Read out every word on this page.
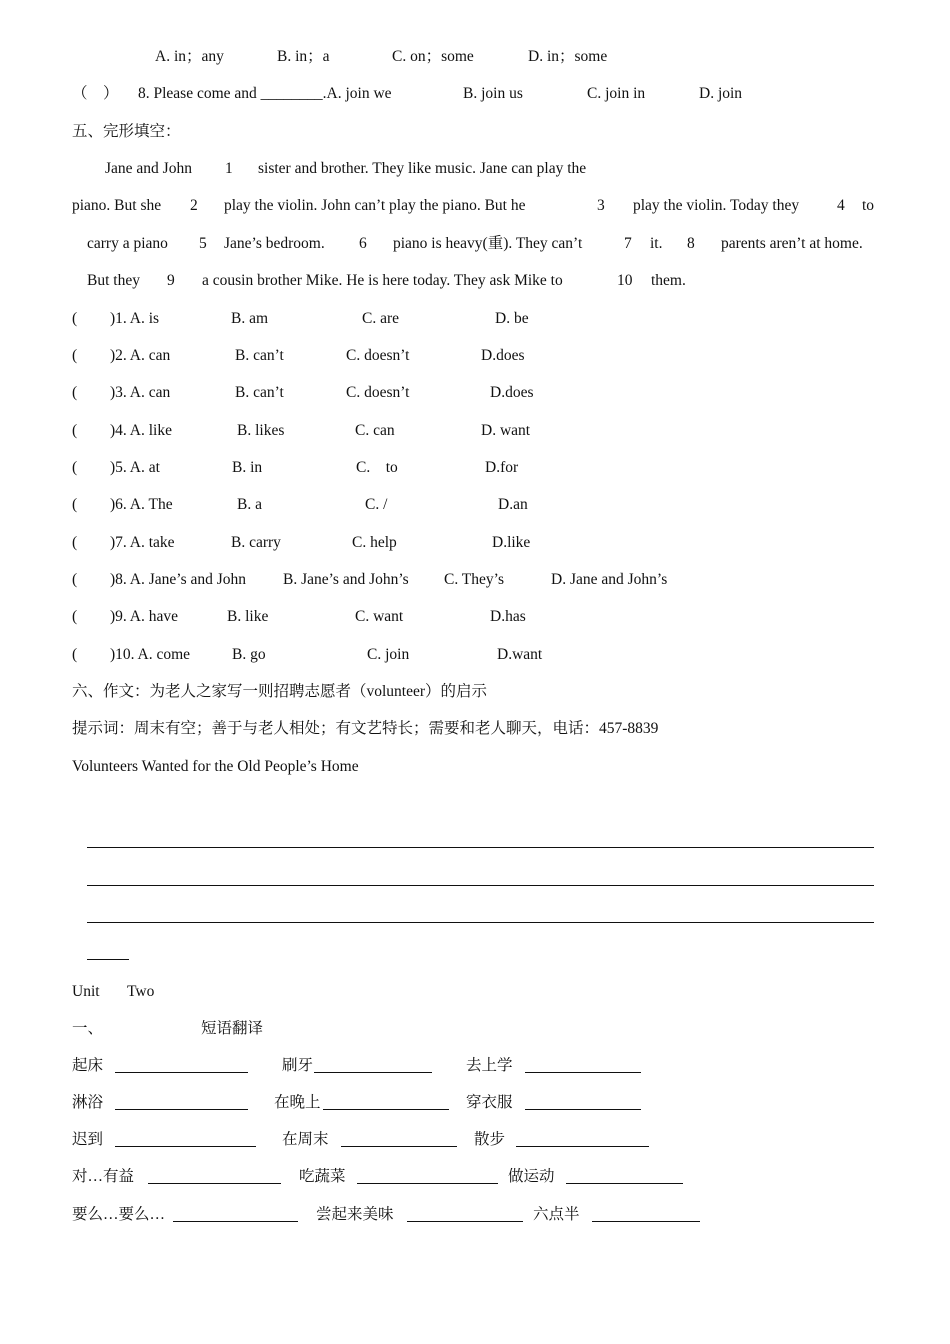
A. in；any	B. in；a	C. on；some	D. in；some
（　） 8. Please come and ________.A. join we	B. join us	C. join in	D. join
五、完形填空：
Jane and John 1 sister and brother. They like music. Jane can play the
piano. But she 2 play the violin. John can’t play the piano. But he	3 play the violin. Today they 4 to
carry a piano 5 Jane’s bedroom. 6 piano is heavy(重). They can’t	7 it. 8 parents aren’t at home.
But they 9 a cousin brother Mike. He is here today. They ask Mike to	10 them.
( )1. A. is	B. am	C. are	D. be
( )2. A. can	B. can’t	C. doesn’t	D.does
( )3. A. can	B. can’t	C. doesn’t	D.does
( )4. A. like	B. likes	C. can	D. want
( )5. A. at	B. in	C.　to	D.for
( )6. A. The	B. a	C. /	D.an
( )7. A. take	B. carry	C. help	D.like
( )8. A. Jane’s and John B. Jane’s and John’s C. They’s	D. Jane and John’s
( )9. A. have	B. like	C. want	D.has
( )10. A. come	B. go	C. join	D.want
六、作文：为老人之家写一则招聘志愿者（volunteer）的启示
提示词：周末有空；善于与老人相处；有文艺特长；需要和老人聊天，电话：457-8839
Volunteers Wanted for the Old People’s Home
Unit Two
一、	短语翻译
起床	刷牙	去上学
淋浴	在晚上	穿衣服
迟到	在周末	散步
对…有益	吃蔬菜	做运动
要么…要么…	尝起来美味	六点半
